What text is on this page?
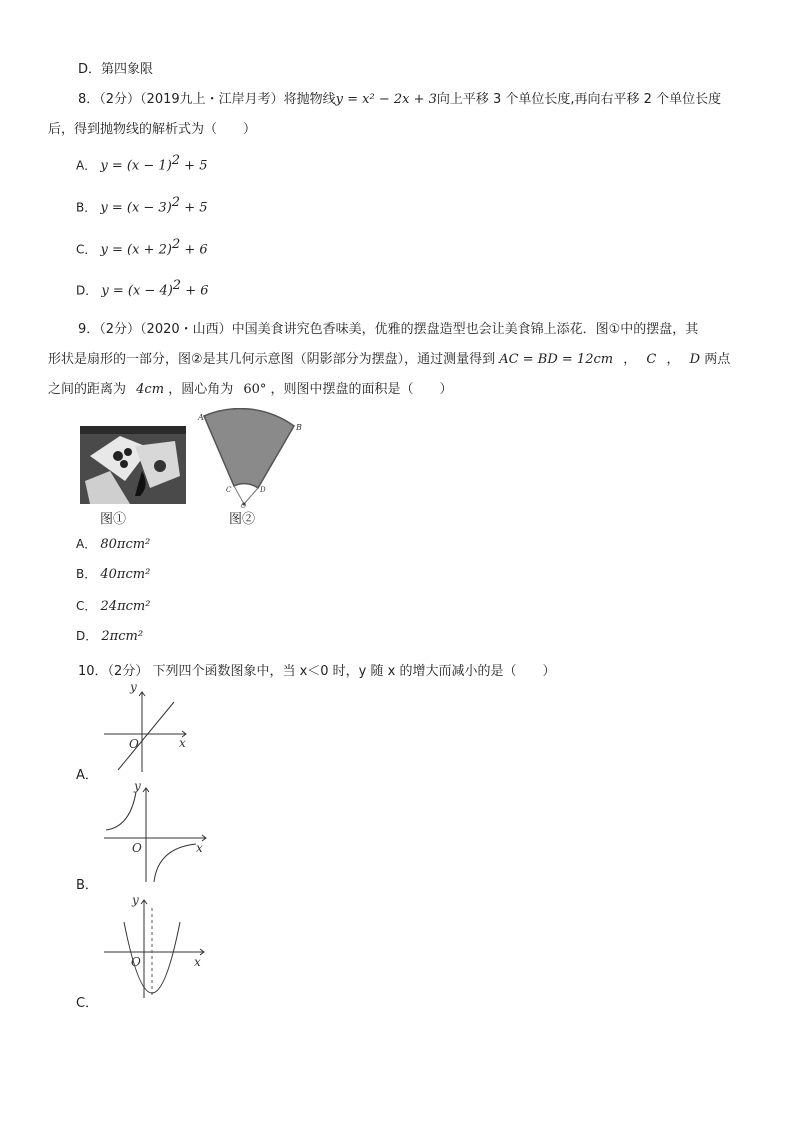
D．第四象限
8．（2分）（2019九上・江岸月考）将抛物线y = x² − 2x + 3向上平移 3 个单位长度,再向右平移 2 个单位长度
后，得到抛物线的解析式为（　　）
A． $y = (x - 1)^2 + 5$
B． $y = (x - 3)^2 + 5$
C． $y = (x + 2)^2 + 6$
D． $y = (x - 4)^2 + 6$
9．（2分）（2020・山西）中国美食讲究色香味美，优雅的摆盘造型也会让美食锦上添花．图①中的摆盘，其
形状是扇形的一部分，图②是其几何示意图（阴影部分为摆盘），通过测量得到 AC = BD = 12cm ， C ， D 两点
之间的距离为 4cm ，圆心角为 60° ，则图中摆盘的面积是（　　）
图①
A
B
C	D
O
图②
A． 80πcm²
B． 40πcm²
C． 24πcm²
D． 2πcm²
10．（2分） 下列四个函数图象中，当 x＜0 时，y 随 x 的增大而减小的是（　　）
y
x
O
A．
y
x
O
B．
y
x
O
C．
